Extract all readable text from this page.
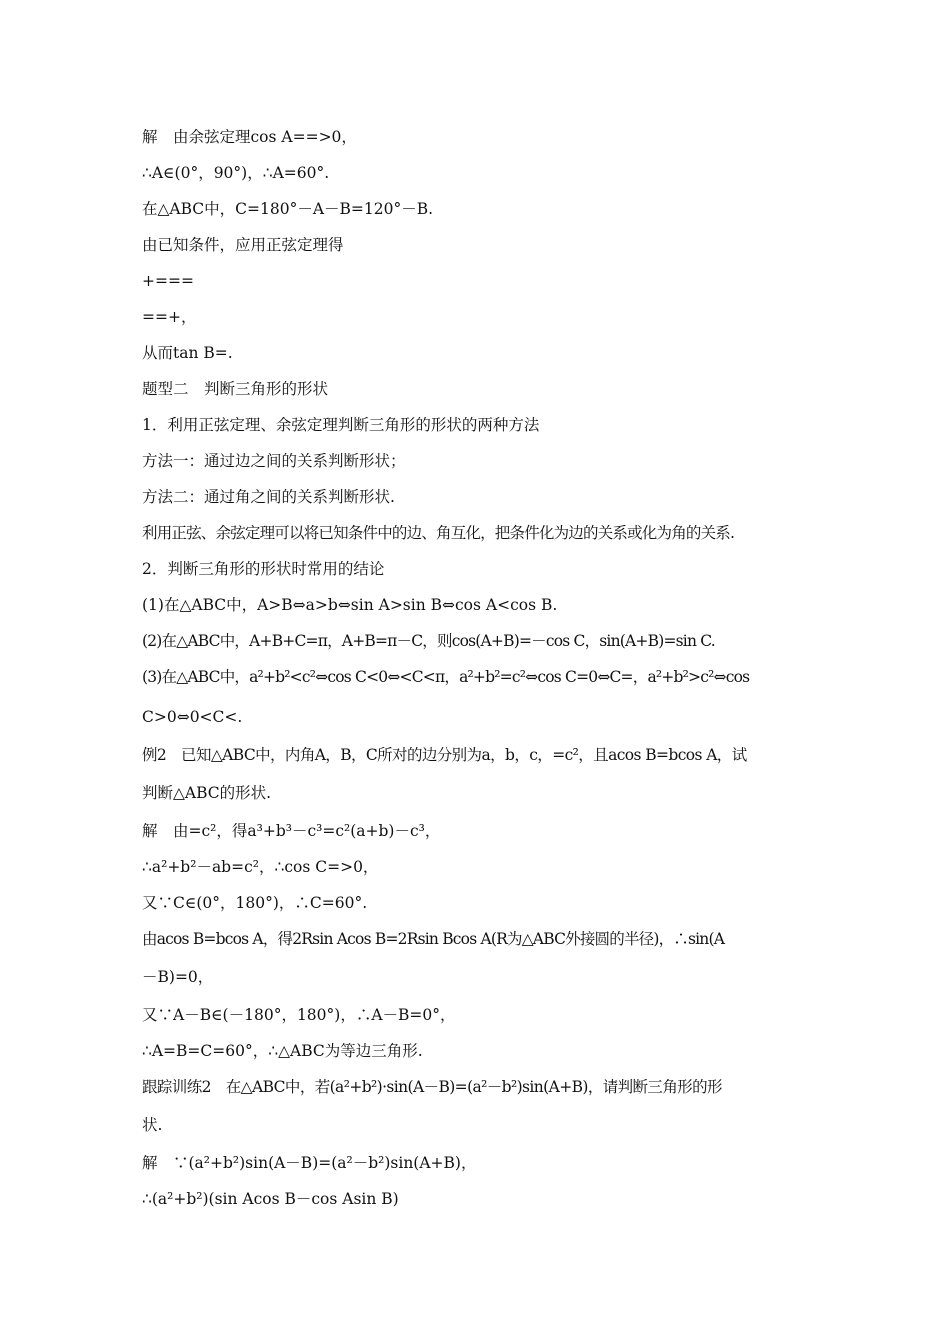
解　由余弦定理cos A==>0，
∴A∈(0°，90°)，∴A=60°.
在△ABC中，C=180°－A－B=120°－B.
由已知条件，应用正弦定理得
+===
==+，
从而tan B=.
题型二　判断三角形的形状
1．利用正弦定理、余弦定理判断三角形的形状的两种方法
方法一：通过边之间的关系判断形状；
方法二：通过角之间的关系判断形状.
利用正弦、余弦定理可以将已知条件中的边、角互化，把条件化为边的关系或化为角的关系.
2．判断三角形的形状时常用的结论
(1)在△ABC中，A>B⇔a>b⇔sin A>sin B⇔cos A<cos B.
(2)在△ABC中，A+B+C=π，A+B=π－C，则cos(A+B)=－cos C，sin(A+B)=sin C.
(3)在△ABC中，a²+b²<c²⇔cos C<0⇔<C<π，a²+b²=c²⇔cos C=0⇔C=，a²+b²>c²⇔cos
C>0⇔0<C<.
例2　已知△ABC中，内角A，B，C所对的边分别为a，b，c，=c²，且acos B=bcos A，试
判断△ABC的形状.
解　由=c²，得a³+b³－c³=c²(a+b)－c³，
∴a²+b²－ab=c²，∴cos C=>0，
又∵C∈(0°，180°)，∴C=60°.
由acos B=bcos A，得2Rsin Acos B=2Rsin Bcos A(R为△ABC外接圆的半径)，∴sin(A
－B)=0，
又∵A－B∈(－180°，180°)，∴A－B=0°，
∴A=B=C=60°，∴△ABC为等边三角形.
跟踪训练2　在△ABC中，若(a²+b²)·sin(A－B)=(a²－b²)sin(A+B)，请判断三角形的形
状.
解　∵(a²+b²)sin(A－B)=(a²－b²)sin(A+B)，
∴(a²+b²)(sin Acos B－cos Asin B)
